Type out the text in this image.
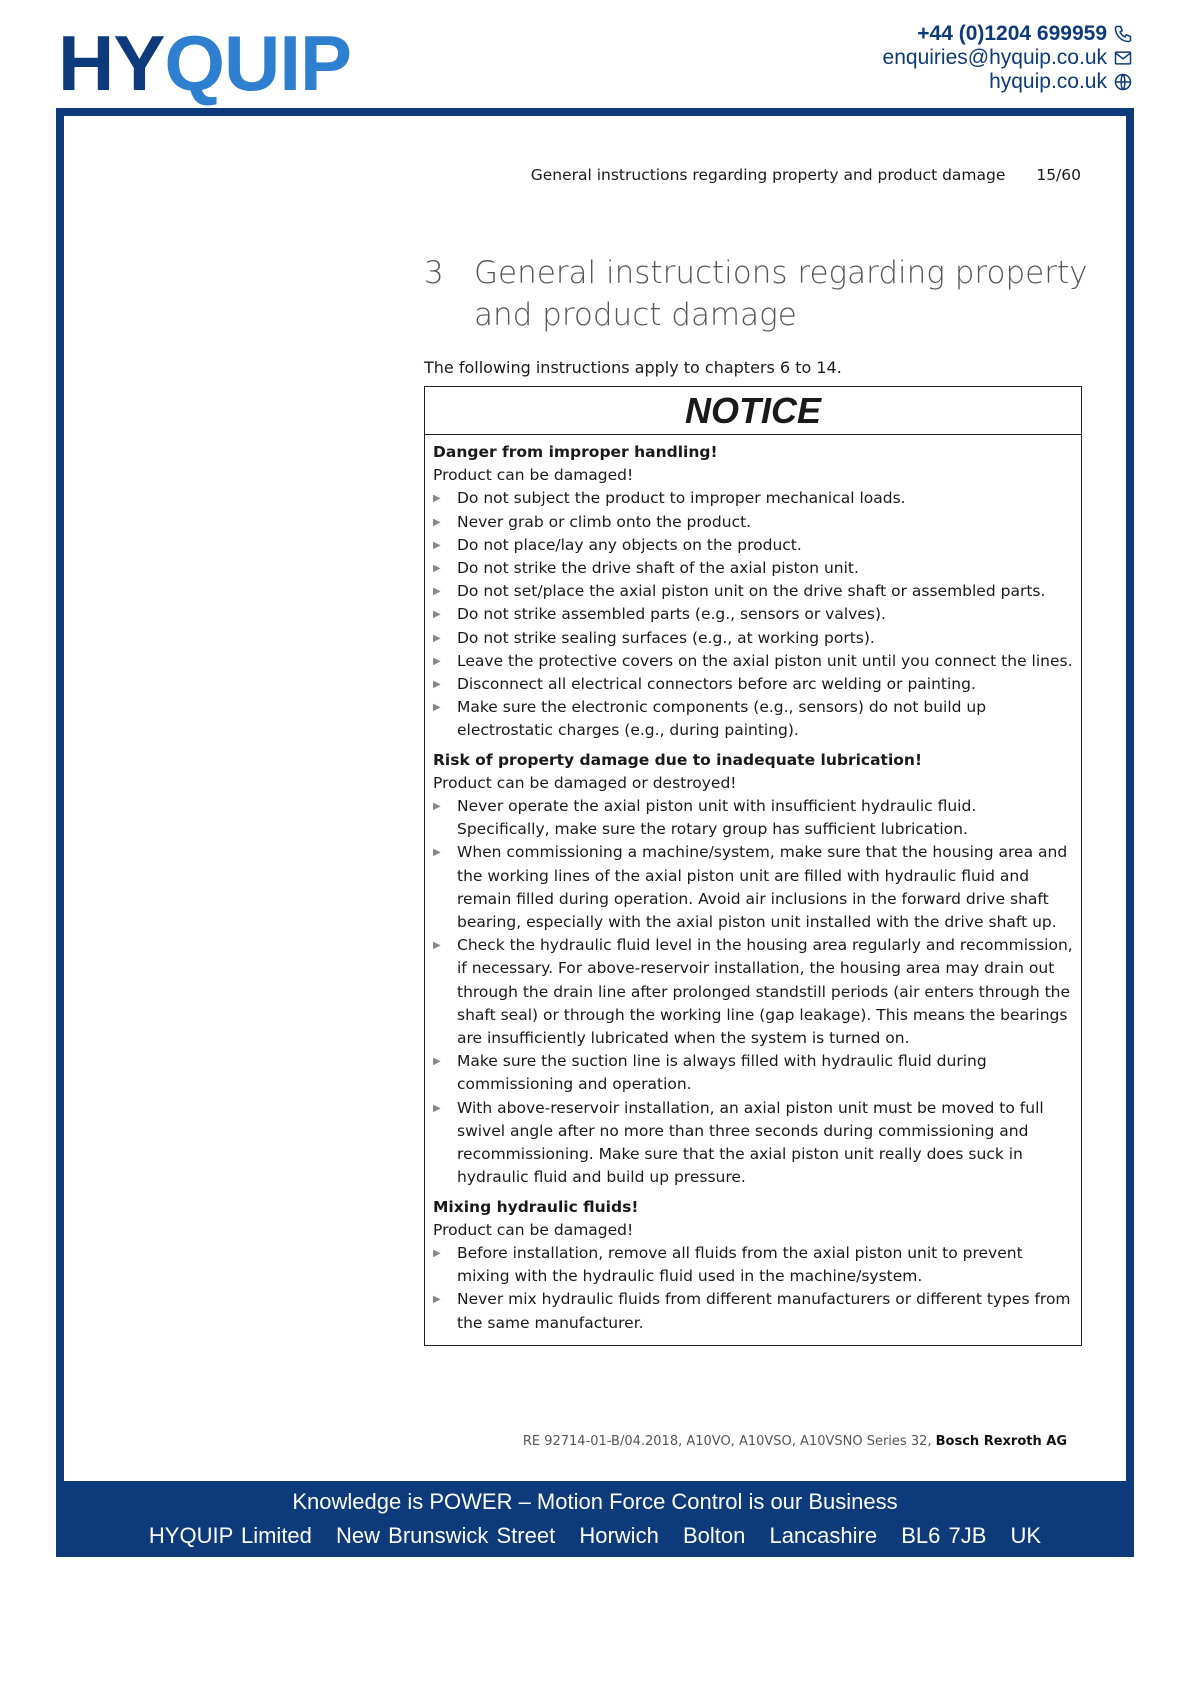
HYQUIP	+44 (0)1204 699959
enquiries@hyquip.co.uk
hyquip.co.uk
General instructions regarding property and product damage 15/60
3 General instructions regarding property and product damage
The following instructions apply to chapters 6 to 14.
NOTICE
Danger from improper handling!
Product can be damaged!
▶ Do not subject the product to improper mechanical loads.
▶ Never grab or climb onto the product.
▶ Do not place/lay any objects on the product.
▶ Do not strike the drive shaft of the axial piston unit.
▶ Do not set/place the axial piston unit on the drive shaft or assembled parts.
▶ Do not strike assembled parts (e.g., sensors or valves).
▶ Do not strike sealing surfaces (e.g., at working ports).
▶ Leave the protective covers on the axial piston unit until you connect the lines.
▶ Disconnect all electrical connectors before arc welding or painting.
▶ Make sure the electronic components (e.g., sensors) do not build up electrostatic charges (e.g., during painting).
Risk of property damage due to inadequate lubrication!
Product can be damaged or destroyed!
▶ Never operate the axial piston unit with insufficient hydraulic fluid. Specifically, make sure the rotary group has sufficient lubrication.
▶ When commissioning a machine/system, make sure that the housing area and the working lines of the axial piston unit are filled with hydraulic fluid and remain filled during operation. Avoid air inclusions in the forward drive shaft bearing, especially with the axial piston unit installed with the drive shaft up.
▶ Check the hydraulic fluid level in the housing area regularly and recommission, if necessary. For above-reservoir installation, the housing area may drain out through the drain line after prolonged standstill periods (air enters through the shaft seal) or through the working line (gap leakage). This means the bearings are insufficiently lubricated when the system is turned on.
▶ Make sure the suction line is always filled with hydraulic fluid during commissioning and operation.
▶ With above-reservoir installation, an axial piston unit must be moved to full swivel angle after no more than three seconds during commissioning and recommissioning. Make sure that the axial piston unit really does suck in hydraulic fluid and build up pressure.
Mixing hydraulic fluids!
Product can be damaged!
▶ Before installation, remove all fluids from the axial piston unit to prevent mixing with the hydraulic fluid used in the machine/system.
▶ Never mix hydraulic fluids from different manufacturers or different types from the same manufacturer.
RE 92714-01-B/04.2018, A10VO, A10VSO, A10VSNO Series 32, Bosch Rexroth AG
Knowledge is POWER – Motion Force Control is our Business
HYQUIP Limited New Brunswick Street Horwich Bolton Lancashire BL6 7JB UK
